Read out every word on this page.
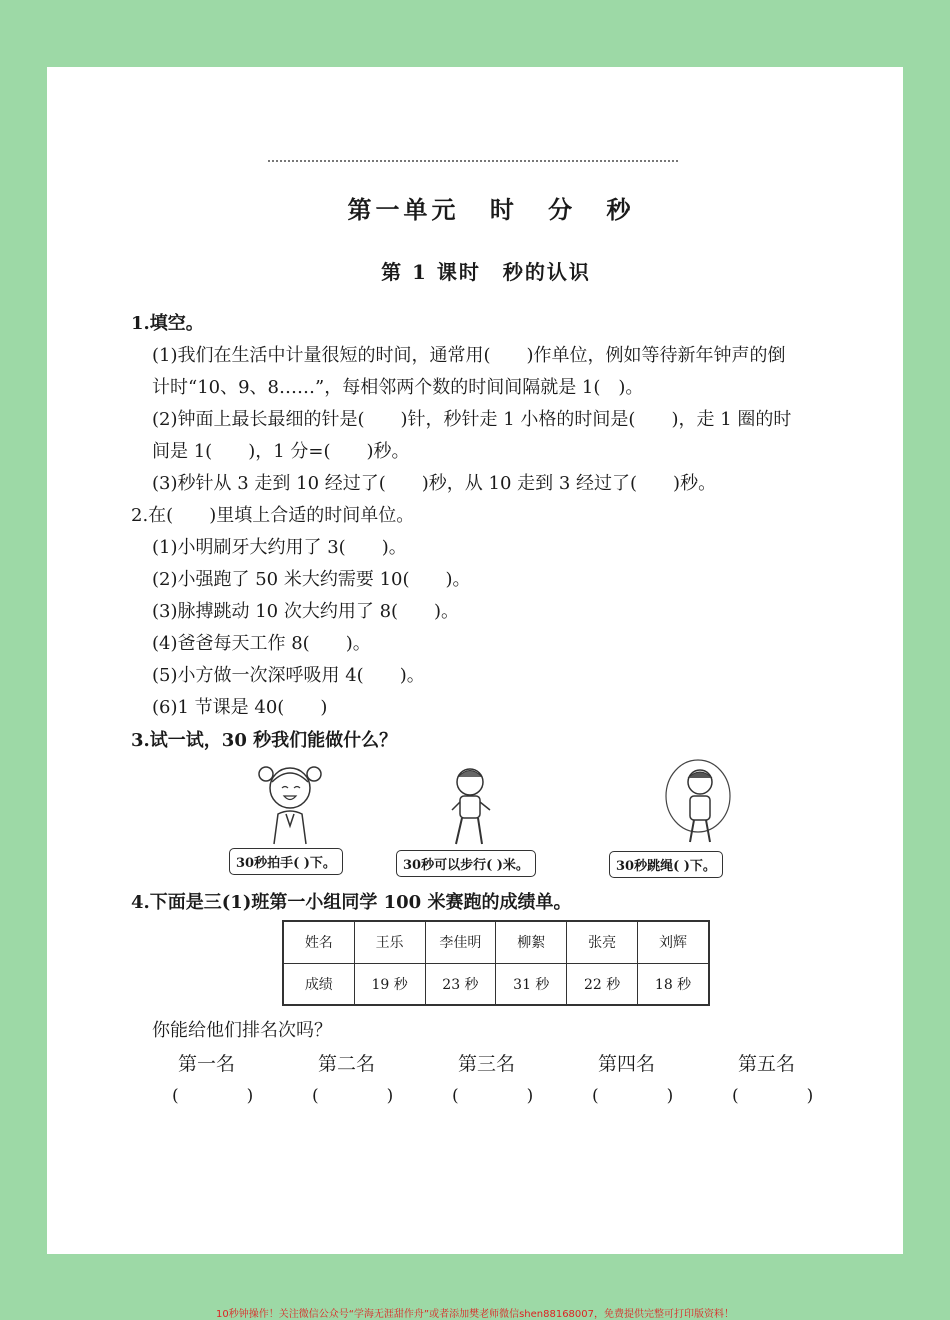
第一单元 时 分 秒
第 1 课时　秒的认识
1.填空。
(1)我们在生活中计量很短的时间，通常用(　　)作单位，例如等待新年钟声的倒
计时“10、9、8……”，每相邻两个数的时间间隔就是 1(　)。
(2)钟面上最长最细的针是(　　)针，秒针走 1 小格的时间是(　　)，走 1 圈的时
间是 1(　　)，1 分=(　　)秒。
(3)秒针从 3 走到 10 经过了(　　)秒，从 10 走到 3 经过了(　　)秒。
2.在(　　)里填上合适的时间单位。
(1)小明刷牙大约用了 3(　　)。
(2)小强跑了 50 米大约需要 10(　　)。
(3)脉搏跳动 10 次大约用了 8(　　)。
(4)爸爸每天工作 8(　　)。
(5)小方做一次深呼吸用 4(　　)。
(6)1 节课是 40(　　)
3.试一试，30 秒我们能做什么？
30秒拍手( )下。	30秒可以步行( )米。	30秒跳绳( )下。
4.下面是三(1)班第一小组同学 100 米赛跑的成绩单。
姓名	王乐	李佳明	柳絮	张亮	刘辉
成绩	19 秒	23 秒	31 秒	22 秒	18 秒
你能给他们排名次吗？
第一名	第二名	第三名	第四名	第五名
(　　　　)	(　　　　)	(　　　　)	(　　　　)	(　　　　)
10秒钟操作！关注微信公众号“学海无涯甜作舟”或者添加樊老师微信shen88168007，免费提供完整可打印版资料！
